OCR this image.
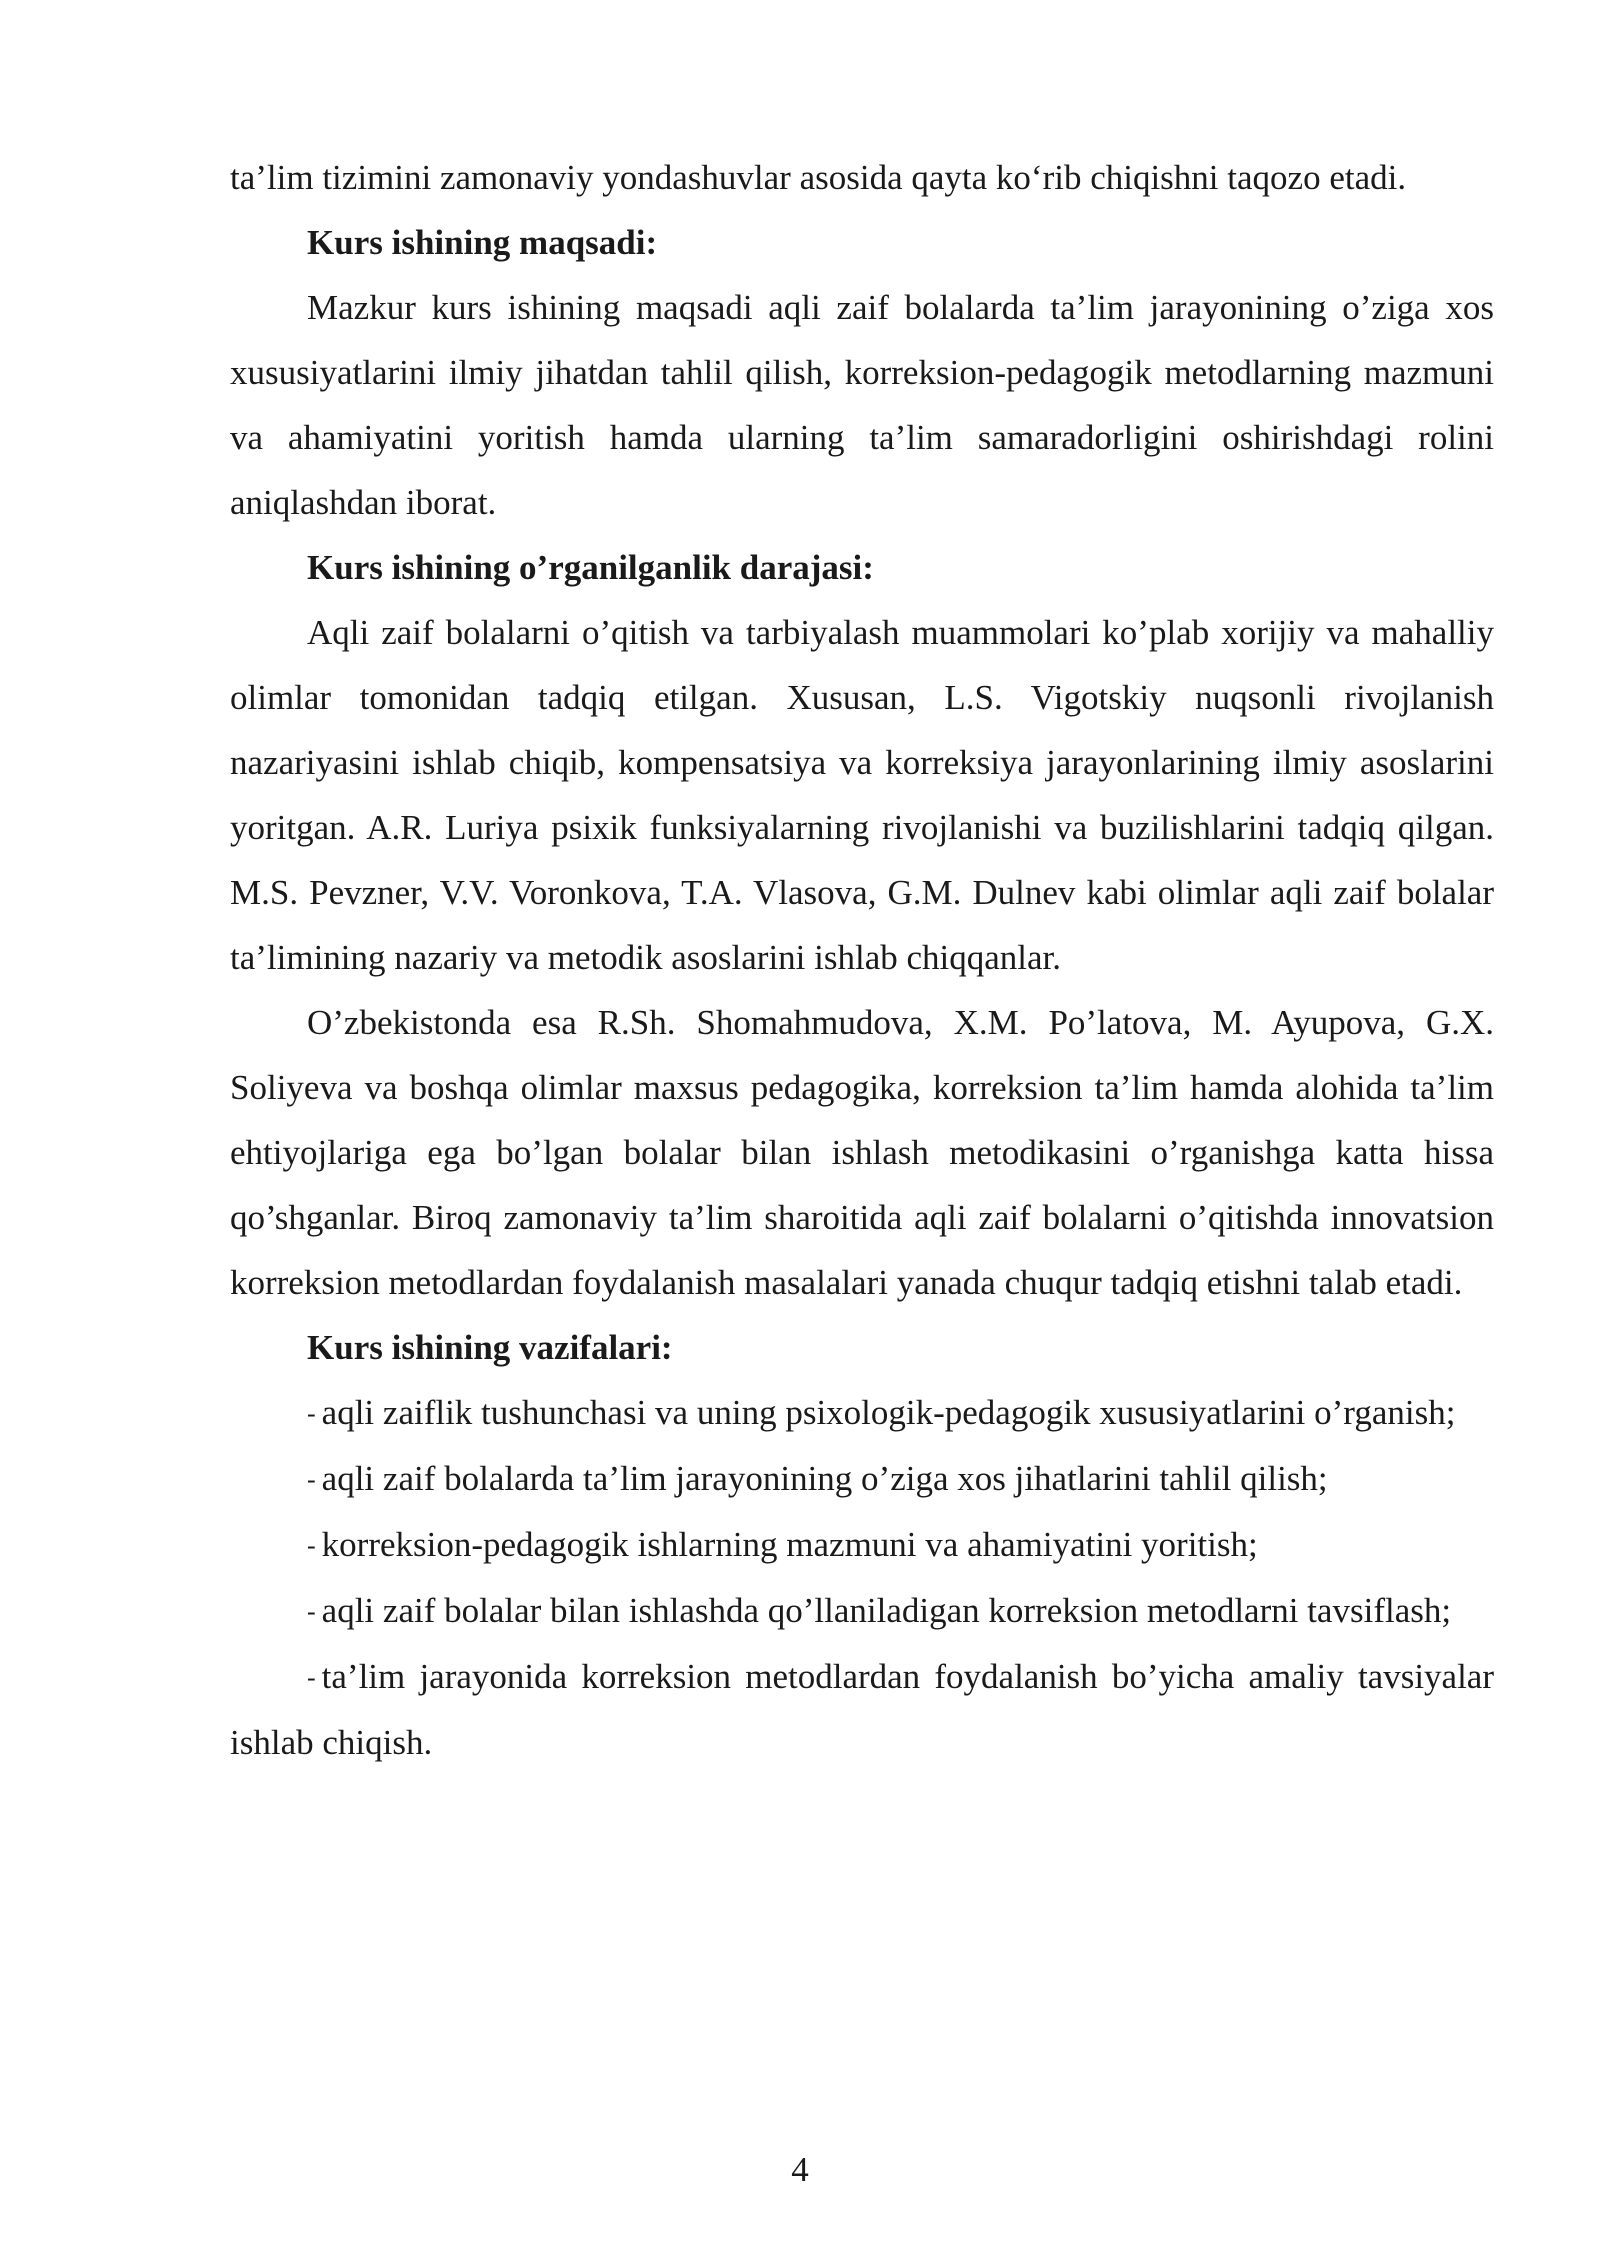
ta’lim tizimini zamonaviy yondashuvlar asosida qayta ko‘rib chiqishni taqozo etadi.

Kurs ishining maqsadi:

Mazkur kurs ishining maqsadi aqli zaif bolalarda ta’lim jarayonining o’ziga xos xususiyatlarini ilmiy jihatdan tahlil qilish, korreksion-pedagogik metodlarning mazmuni va ahamiyatini yoritish hamda ularning ta’lim samaradorligini oshirishdagi rolini aniqlashdan iborat.

Kurs ishining o’rganilganlik darajasi:

Aqli zaif bolalarni o’qitish va tarbiyalash muammolari ko’plab xorijiy va mahalliy olimlar tomonidan tadqiq etilgan. Xususan, L.S. Vigotskiy nuqsonli rivojlanish nazariyasini ishlab chiqib, kompensatsiya va korreksiya jarayonlarining ilmiy asoslarini yoritgan. A.R. Luriya psixik funksiyalarning rivojlanishi va buzilishlarini tadqiq qilgan. M.S. Pevzner, V.V. Voronkova, T.A. Vlasova, G.M. Dulnev kabi olimlar aqli zaif bolalar ta’limining nazariy va metodik asoslarini ishlab chiqqanlar.

O’zbekistonda esa R.Sh. Shomahmudova, X.M. Po’latova, M. Ayupova, G.X. Soliyeva va boshqa olimlar maxsus pedagogika, korreksion ta’lim hamda alohida ta’lim ehtiyojlariga ega bo’lgan bolalar bilan ishlash metodikasini o’rganishga katta hissa qo’shganlar. Biroq zamonaviy ta’lim sharoitida aqli zaif bolalarni o’qitishda innovatsion korreksion metodlardan foydalanish masalalari yanada chuqur tadqiq etishni talab etadi.

Kurs ishining vazifalari:

- aqli zaiflik tushunchasi va uning psixologik-pedagogik xususiyatlarini o’rganish;

- aqli zaif bolalarda ta’lim jarayonining o’ziga xos jihatlarini tahlil qilish;

- korreksion-pedagogik ishlarning mazmuni va ahamiyatini yoritish;

- aqli zaif bolalar bilan ishlashda qo’llaniladigan korreksion metodlarni tavsiflash;

- ta’lim jarayonida korreksion metodlardan foydalanish bo’yicha amaliy tavsiyalar ishlab chiqish.

4
